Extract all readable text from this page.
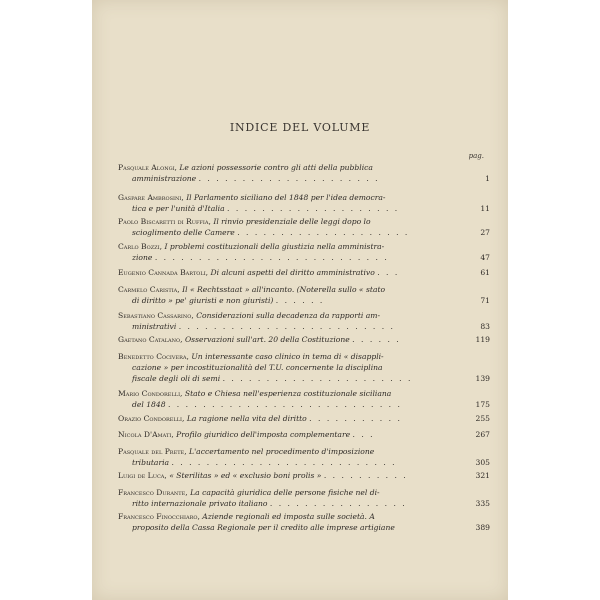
INDICE DEL VOLUME
pag.
Pasquale Alongi, Le azioni possessorie contro gli atti della pubblica
amministrazione . . . . . . . . . . . . . . . . . . . . .	1
Gaspare Ambrosini, Il Parlamento siciliano del 1848 per l'idea democra-
tica e per l'unità d'Italia . . . . . . . . . . . . . . . . . . . .	11
Paolo Biscaretti di Ruffia, Il rinvio presidenziale delle leggi dopo lo
scioglimento delle Camere . . . . . . . . . . . . . . . . . . . .	27
Carlo Bozzi, I problemi costituzionali della giustizia nella amministra-
zione . . . . . . . . . . . . . . . . . . . . . . . . . . .	47
Eugenio Cannada Bartoli, Di alcuni aspetti del diritto amministrativo . . .	61
Carmelo Caristia, Il « Rechtsstaat » all'incanto. (Noterella sullo « stato
di diritto » pe' giuristi e non giuristi) . . . . . .	71
Sebastiano Cassarino, Considerazioni sulla decadenza da rapporti am-
ministrativi . . . . . . . . . . . . . . . . . . . . . . . . .	83
Gaetano Catalano, Osservazioni sull'art. 20 della Costituzione . . . . . .	119
Benedetto Cocivera, Un interessante caso clinico in tema di « disappli-
cazione » per incostituzionalità del T.U. concernente la disciplina
fiscale degli oli di semi . . . . . . . . . . . . . . . . . . . . . .	139
Mario Condorelli, Stato e Chiesa nell'esperienza costituzionale siciliana
del 1848 . . . . . . . . . . . . . . . . . . . . . . . . . . .	175
Orazio Condorelli, La ragione nella vita del diritto . . . . . . . . . . .	255
Nicola D'Amati, Profilo giuridico dell'imposta complementare . . .	267
Pasquale del Prete, L'accertamento nel procedimento d'imposizione
tributaria . . . . . . . . . . . . . . . . . . . . . . . . . .	305
Luigi de Luca, « Sterilitas » ed « exclusio boni prolis » . . . . . . . . . .	321
Francesco Durante, La capacità giuridica delle persone fisiche nel di-
ritto internazionale privato italiano . . . . . . . . . . . . . . . .	335
Francesco Finocchiaro, Aziende regionali ed imposta sulle società. A
proposito della Cassa Regionale per il credito alle imprese artigiane	389
